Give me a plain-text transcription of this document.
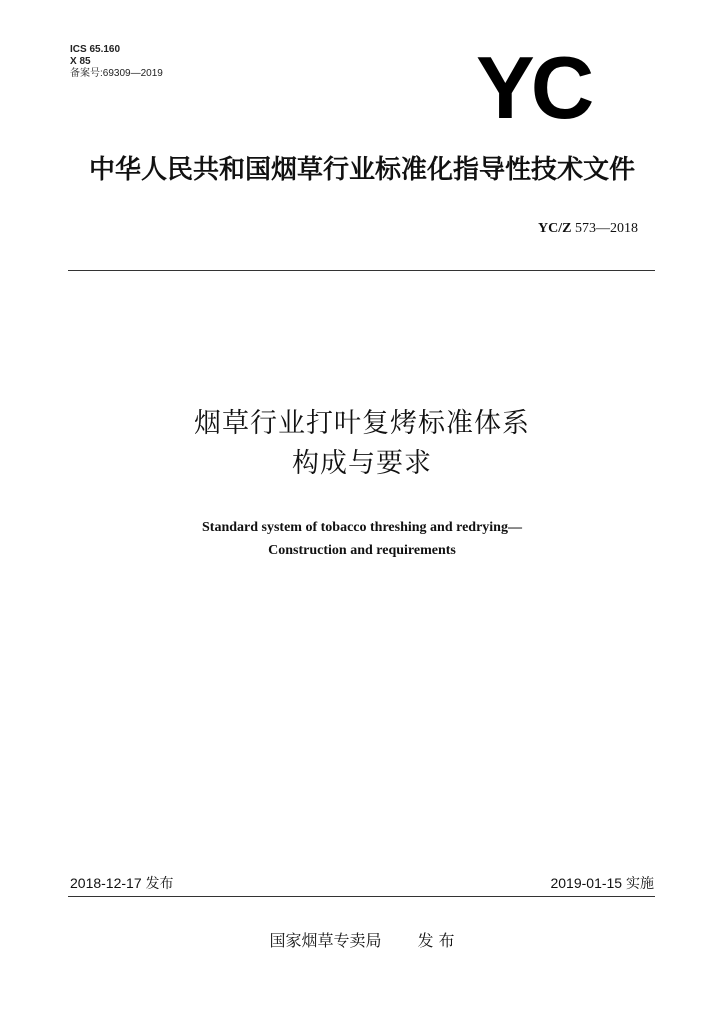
ICS 65.160
X 85
备案号:69309—2019	YC
中华人民共和国烟草行业标准化指导性技术文件
YC/Z 573—2018
烟草行业打叶复烤标准体系
构成与要求
Standard system of tobacco threshing and redrying—
Construction and requirements
2018-12-17 发布	2019-01-15 实施
国家烟草专卖局 发 布
